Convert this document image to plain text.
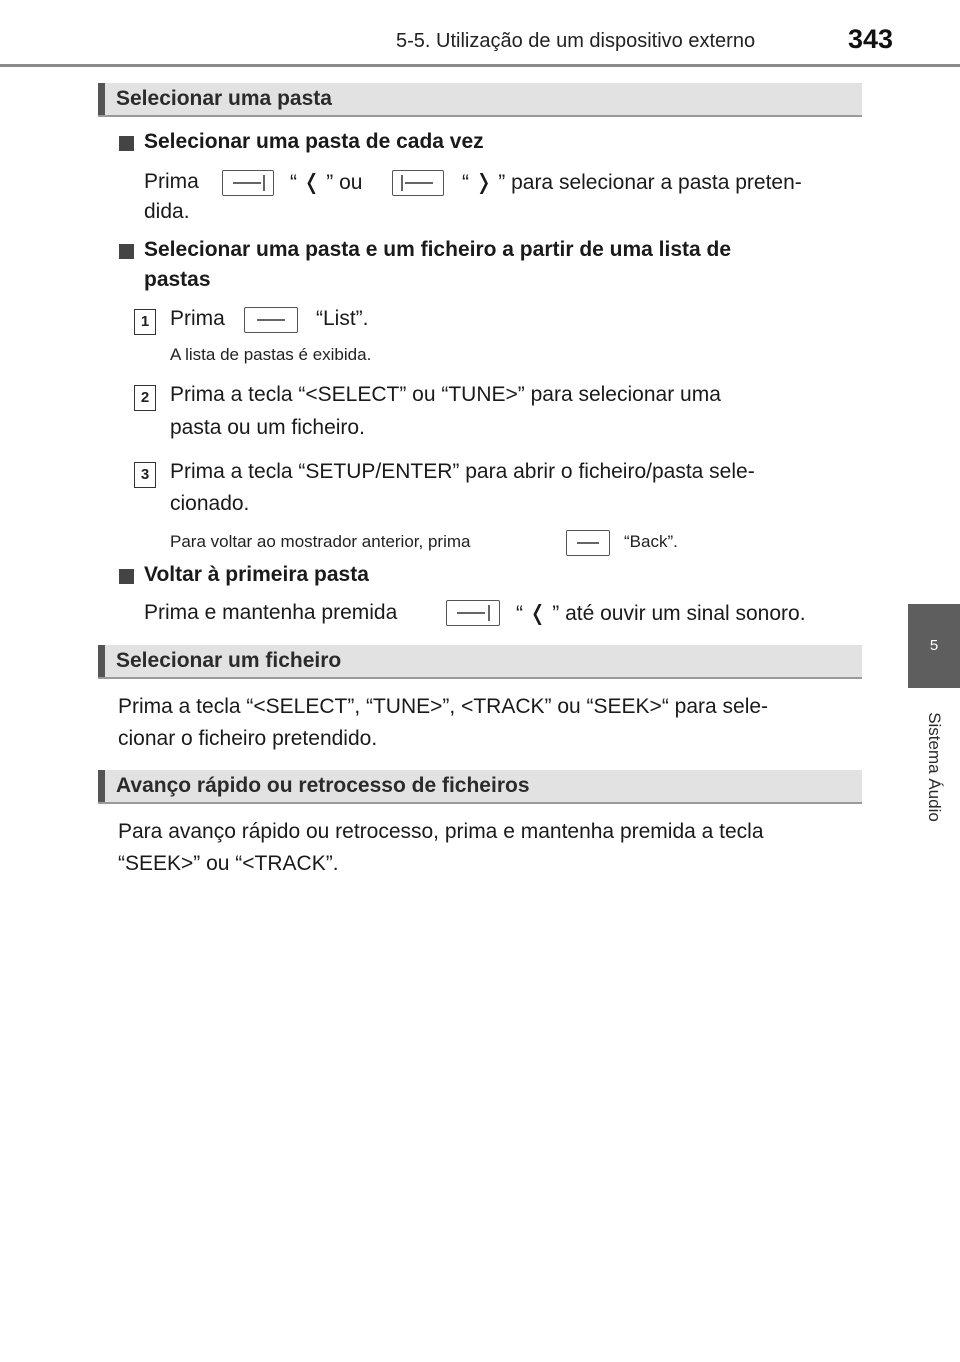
5-5. Utilização de um dispositivo externo	343
5
Sistema Áudio
Selecionar uma pasta
Selecionar uma pasta de cada vez
Prima	“ ❬ ” ou	“ ❭ ” para selecionar a pasta preten-
dida.
Selecionar uma pasta e um ficheiro a partir de uma lista de
pastas
1 Prima	“List”.
A lista de pastas é exibida.
2 Prima a tecla “<SELECT” ou “TUNE>” para selecionar uma
pasta ou um ficheiro.
3 Prima a tecla “SETUP/ENTER” para abrir o ficheiro/pasta sele-
cionado.
Para voltar ao mostrador anterior, prima	“Back”.
Voltar à primeira pasta
Prima e mantenha premida	“ ❬ ” até ouvir um sinal sonoro.
Selecionar um ficheiro
Prima a tecla “<SELECT”, “TUNE>”, <TRACK” ou “SEEK>“ para sele-
cionar o ficheiro pretendido.
Avanço rápido ou retrocesso de ficheiros
Para avanço rápido ou retrocesso, prima e mantenha premida a tecla
“SEEK>” ou “<TRACK”.
